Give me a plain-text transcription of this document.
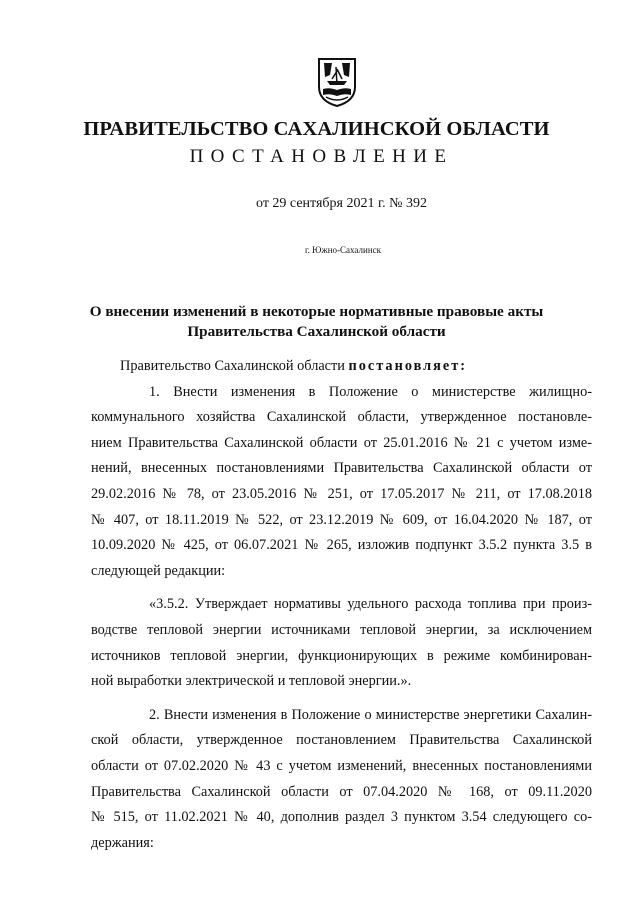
ПРАВИТЕЛЬСТВО САХАЛИНСКОЙ ОБЛАСТИ
ПОСТАНОВЛЕНИЕ
от 29 сентября 2021 г. № 392
г. Южно-Сахалинск
О внесении изменений в некоторые нормативные правовые акты
Правительства Сахалинской области
Правительство Сахалинской области постановляет:
1. Внести изменения в Положение о министерстве жилищно-
коммунального хозяйства Сахалинской области, утвержденное постановле-
нием Правительства Сахалинской области от 25.01.2016 № 21 с учетом изме-
нений, внесенных постановлениями Правительства Сахалинской области от
29.02.2016 № 78, от 23.05.2016 № 251, от 17.05.2017 № 211, от 17.08.2018
№ 407, от 18.11.2019 № 522, от 23.12.2019 № 609, от 16.04.2020 № 187, от
10.09.2020 № 425, от 06.07.2021 № 265, изложив подпункт 3.5.2 пункта 3.5 в
следующей редакции:
«3.5.2. Утверждает нормативы удельного расхода топлива при произ-
водстве тепловой энергии источниками тепловой энергии, за исключением
источников тепловой энергии, функционирующих в режиме комбинирован-
ной выработки электрической и тепловой энергии.».
2. Внести изменения в Положение о министерстве энергетики Сахалин-
ской области, утвержденное постановлением Правительства Сахалинской
области от 07.02.2020 № 43 с учетом изменений, внесенных постановлениями
Правительства Сахалинской области от 07.04.2020 № 168, от 09.11.2020
№ 515, от 11.02.2021 № 40, дополнив раздел 3 пунктом 3.54 следующего со-
держания:
